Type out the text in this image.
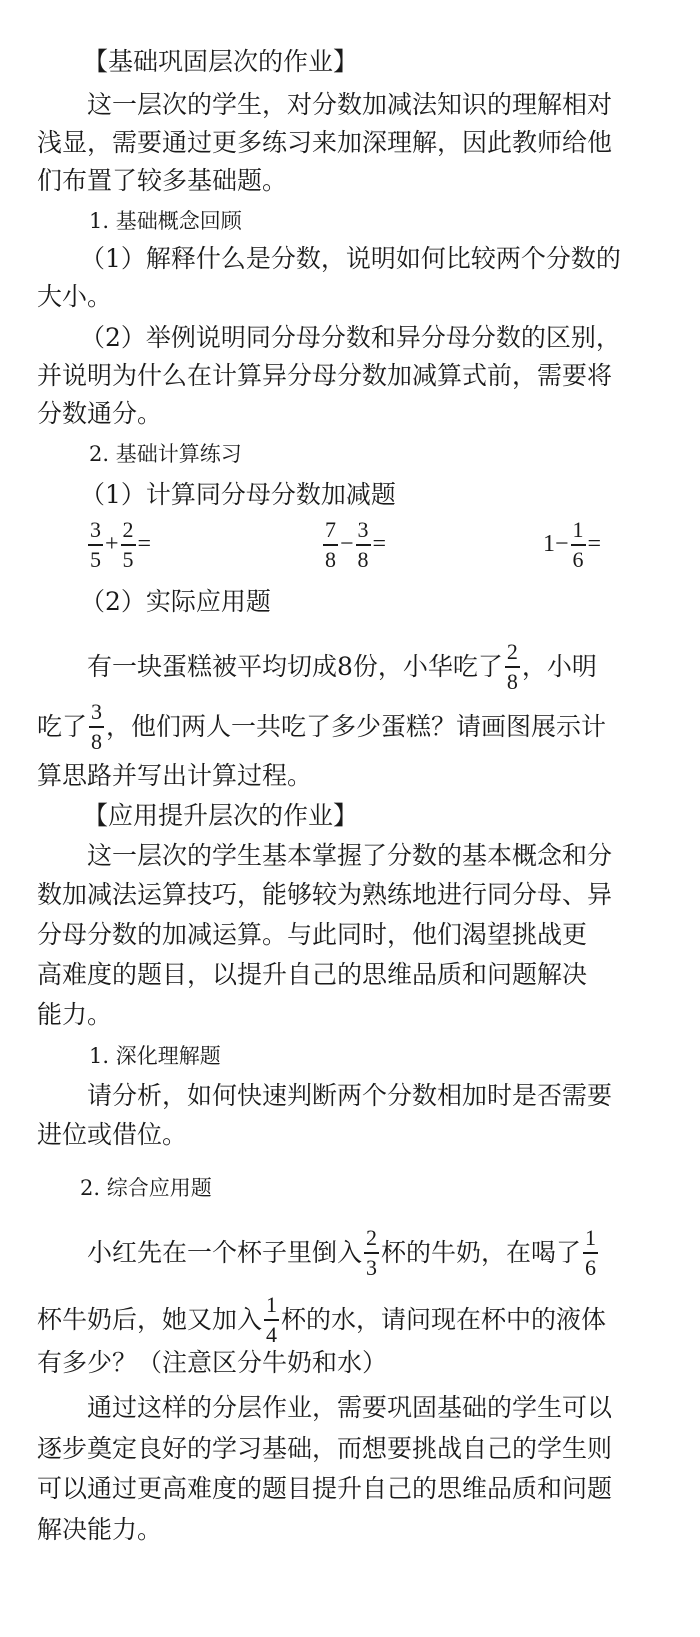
【基础巩固层次的作业】
这一层次的学生，对分数加减法知识的理解相对
浅显，需要通过更多练习来加深理解，因此教师给他
们布置了较多基础题。
1. 基础概念回顾
（1）解释什么是分数，说明如何比较两个分数的
大小。
（2）举例说明同分母分数和异分母分数的区别，
并说明为什么在计算异分母分数加减算式前，需要将
分数通分。
2. 基础计算练习
（1）计算同分母分数加减题
$\frac{3}{5} + \frac{2}{5}$ =	$\frac{7}{8} - \frac{3}{8}$ =	$1 - \frac{1}{6}$ =
（2）实际应用题
有一块蛋糕被平均切成8份，小华吃了 $\frac{2}{8}$ ，小明
吃了 $\frac{3}{8}$ ，他们两人一共吃了多少蛋糕？请画图展示计
算思路并写出计算过程。
【应用提升层次的作业】
这一层次的学生基本掌握了分数的基本概念和分
数加减法运算技巧，能够较为熟练地进行同分母、异
分母分数的加减运算。与此同时，他们渴望挑战更
高难度的题目，以提升自己的思维品质和问题解决
能力。
1. 深化理解题
请分析，如何快速判断两个分数相加时是否需要
进位或借位。
2. 综合应用题
小红先在一个杯子里倒入 $\frac{2}{3}$ 杯的牛奶，在喝了 $\frac{1}{6}$
杯牛奶后，她又加入 $\frac{1}{4}$ 杯的水，请问现在杯中的液体
有多少？（注意区分牛奶和水）
通过这样的分层作业，需要巩固基础的学生可以
逐步奠定良好的学习基础，而想要挑战自己的学生则
可以通过更高难度的题目提升自己的思维品质和问题
解决能力。
